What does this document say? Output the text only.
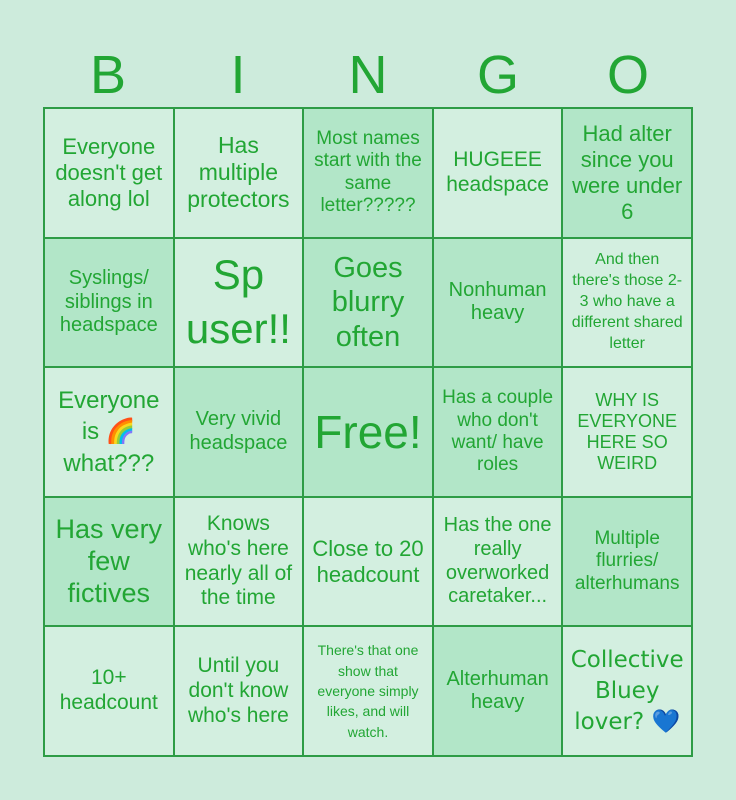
B	I	N	G	O
Everyone doesn't get along lol
Has multiple protectors
Most names start with the same letter?????
HUGEEE headspace
Had alter since you were under 6
Syslings/ siblings in headspace
Sp user!!
Goes blurry often
Nonhuman heavy
And then there's those 2-3 who have a different shared letter
Everyone is 🌈 what???
Very vivid headspace Free!
Has a couple who don't want/ have roles
WHY IS EVERYONE HERE SO WEIRD
Has very few fictives
Knows who's here nearly all of the time
Close to 20 headcount
Has the one really overworked caretaker...
Multiple flurries/ alterhumans
10+ headcount
Until you don't know who's here
There's that one show that everyone simply likes, and will watch.
Alterhuman heavy
Collective Bluey lover? 💙
